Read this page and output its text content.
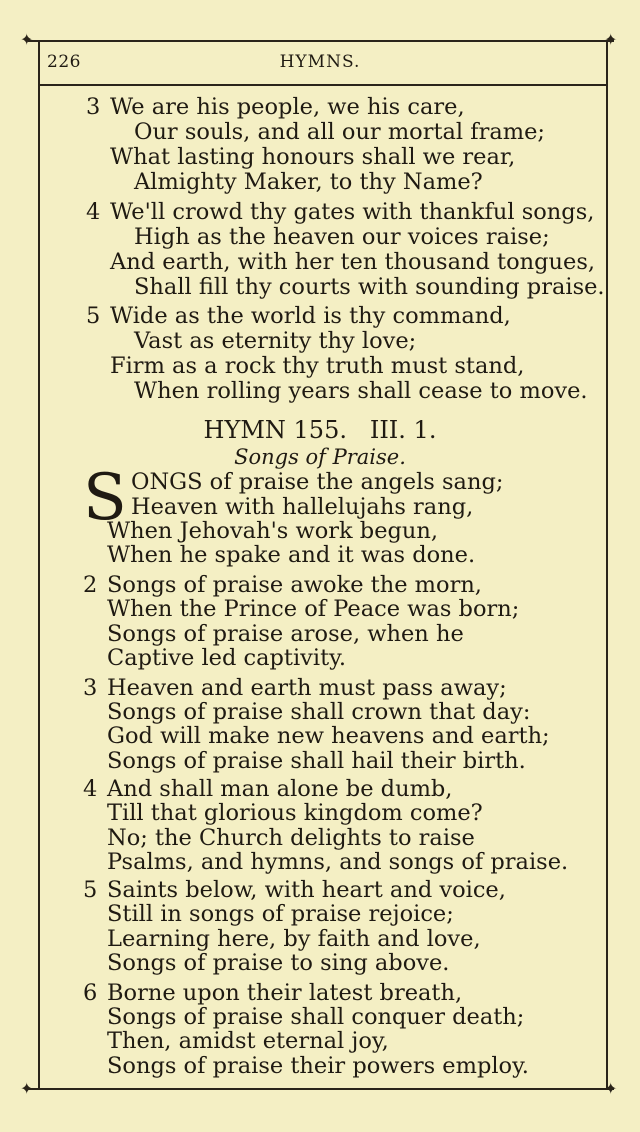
✦	✦
✦	✦
226	HYMNS.
3 We are his people, we his care,
Our souls, and all our mortal frame;
What lasting honours shall we rear,
Almighty Maker, to thy Name?
4 We'll crowd thy gates with thankful songs,
High as the heaven our voices raise;
And earth, with her ten thousand tongues,
Shall fill thy courts with sounding praise.
5 Wide as the world is thy command,
Vast as eternity thy love;
Firm as a rock thy truth must stand,
When rolling years shall cease to move.
HYMN 155.   III. 1.
Songs of Praise.
S ONGS of praise the angels sang;
Heaven with hallelujahs rang,
When Jehovah's work begun,
When he spake and it was done.
2 Songs of praise awoke the morn,
When the Prince of Peace was born;
Songs of praise arose, when he
Captive led captivity.
3 Heaven and earth must pass away;
Songs of praise shall crown that day:
God will make new heavens and earth;
Songs of praise shall hail their birth.
4 And shall man alone be dumb,
Till that glorious kingdom come?
No; the Church delights to raise
Psalms, and hymns, and songs of praise.
5 Saints below, with heart and voice,
Still in songs of praise rejoice;
Learning here, by faith and love,
Songs of praise to sing above.
6 Borne upon their latest breath,
Songs of praise shall conquer death;
Then, amidst eternal joy,
Songs of praise their powers employ.
